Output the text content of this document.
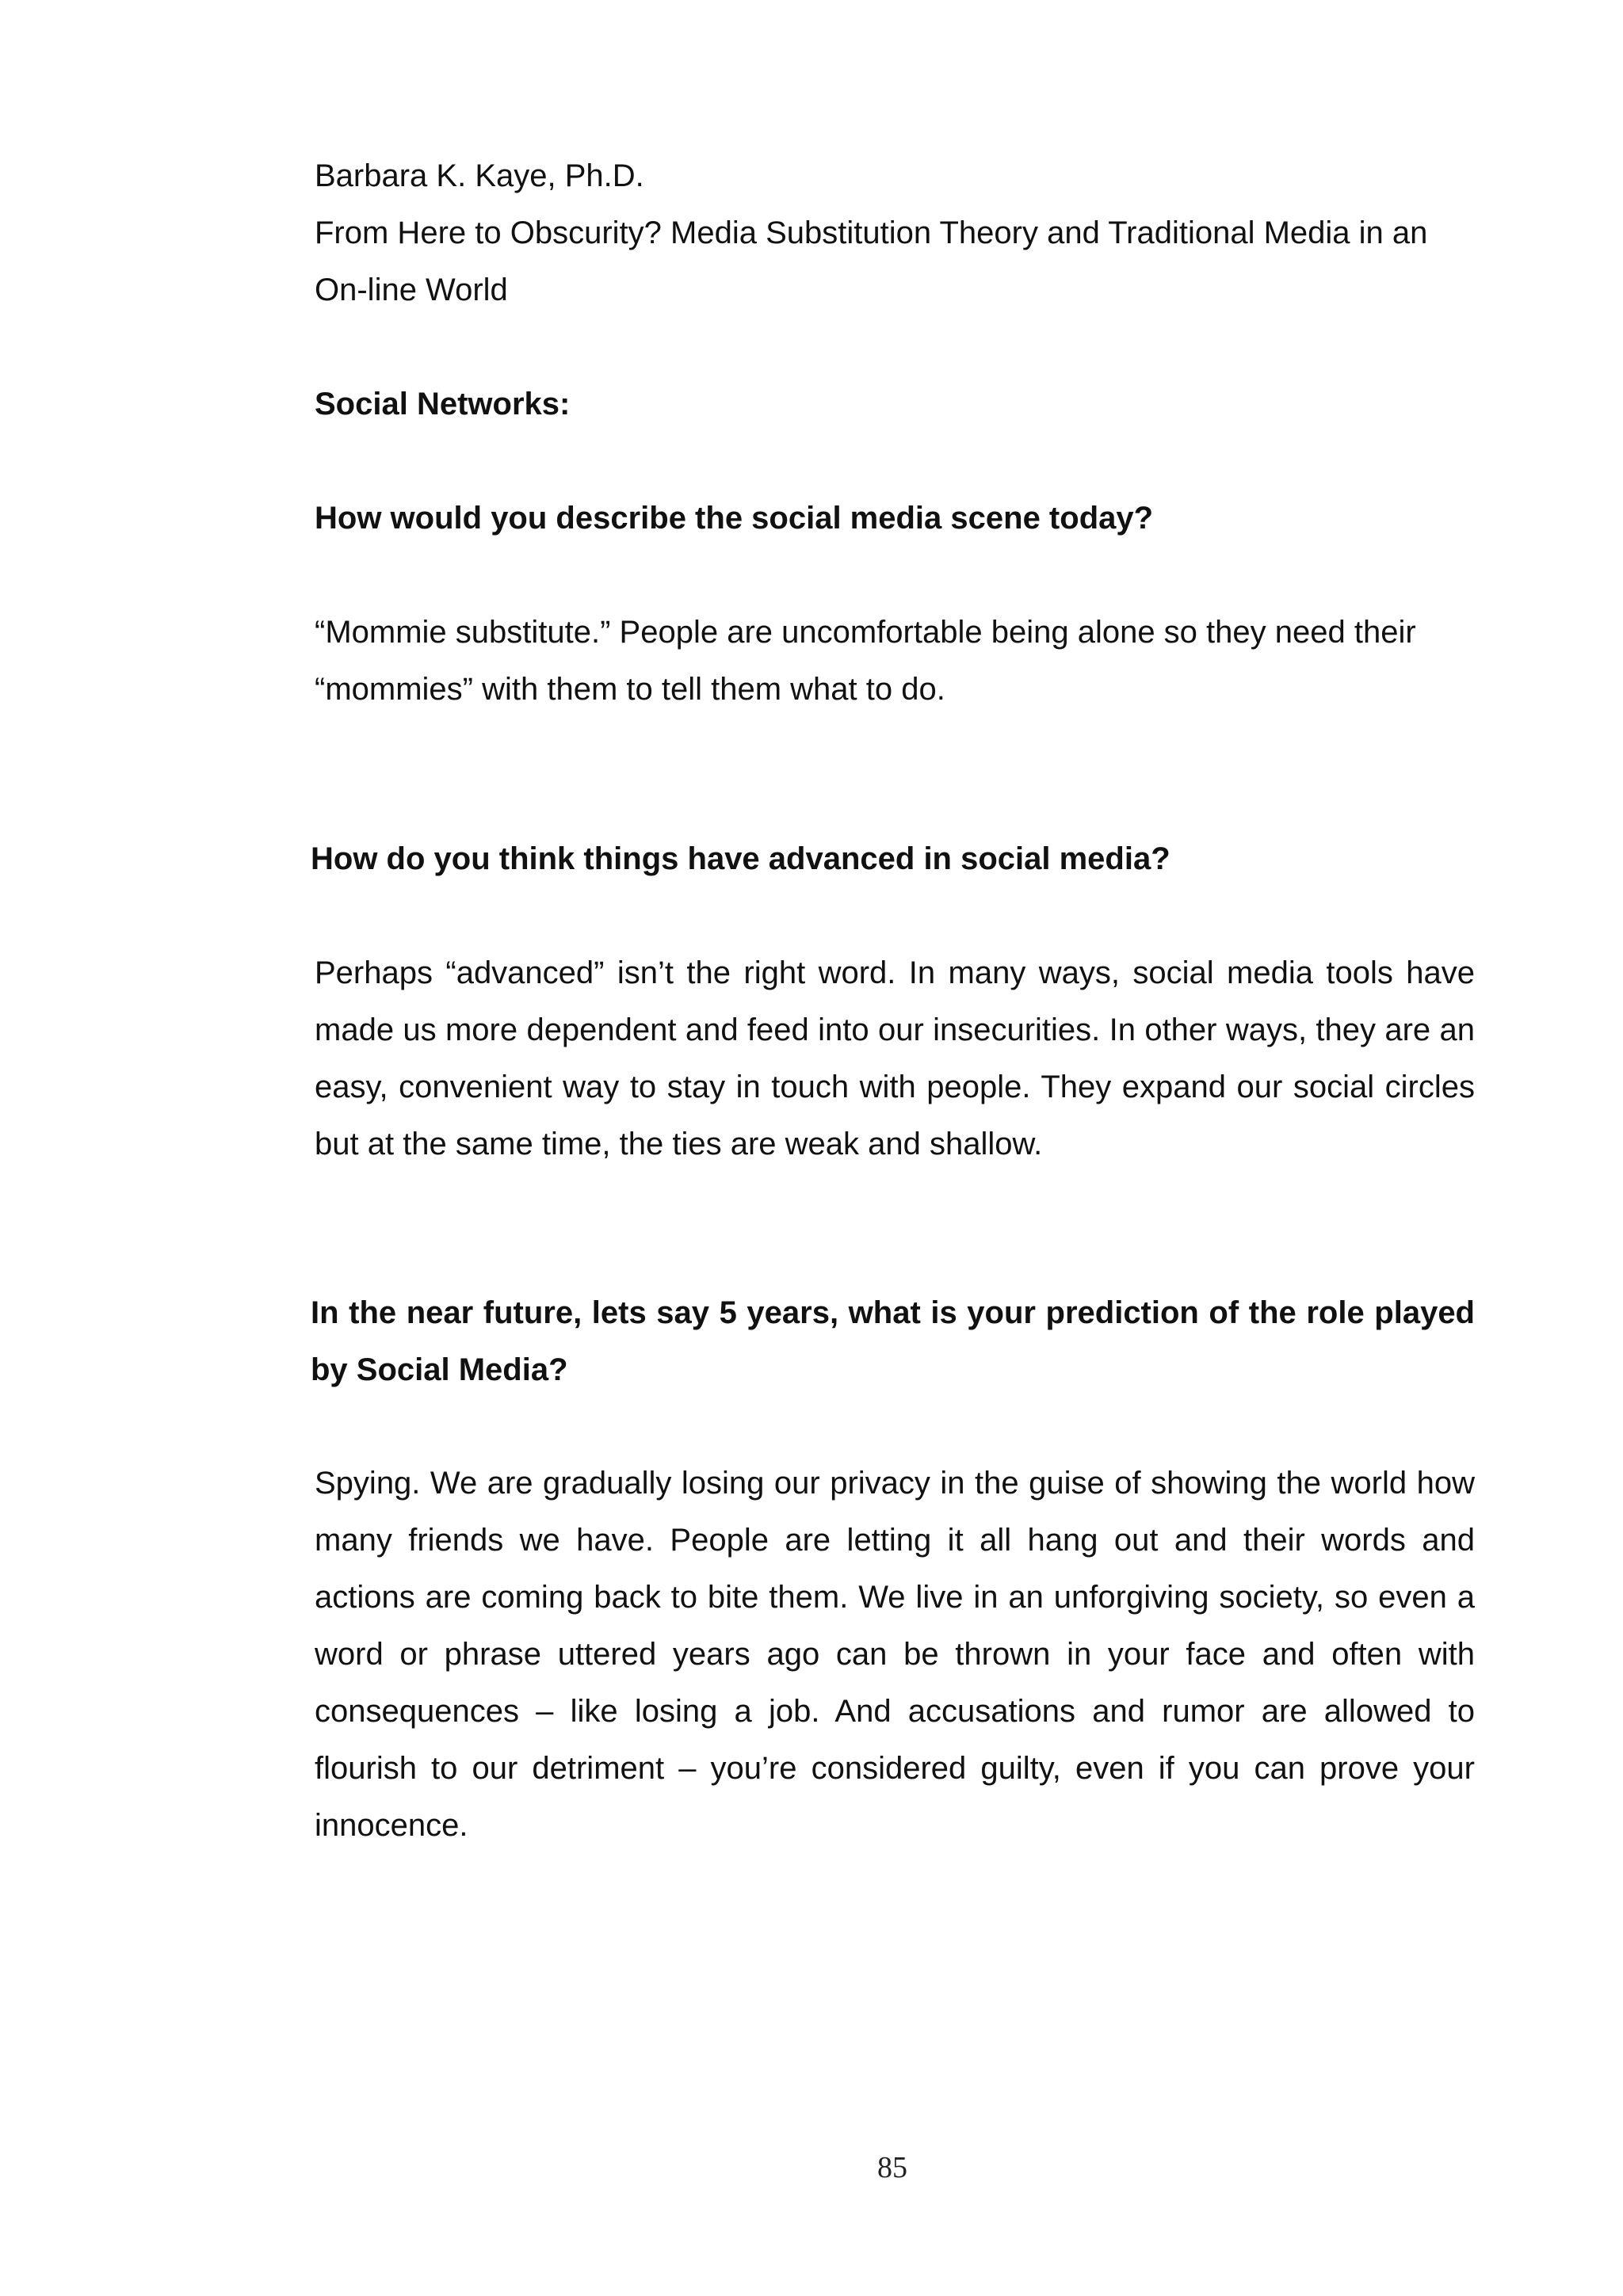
Barbara K. Kaye, Ph.D.

From Here to Obscurity? Media Substitution Theory and Traditional Media in an On-line World

Social Networks:

How would you describe the social media scene today?

“Mommie substitute.” People are uncomfortable being alone so they need their “mommies” with them to tell them what to do.

How do you think things have advanced in social media?

Perhaps “advanced” isn’t the right word. In many ways, social media tools have made us more dependent and feed into our insecurities. In other ways, they are an easy, convenient way to stay in touch with people. They expand our social circles but at the same time, the ties are weak and shallow.

In the near future, lets say 5 years, what is your prediction of the role played by Social Media?

Spying. We are gradually losing our privacy in the guise of showing the world how many friends we have. People are letting it all hang out and their words and actions are coming back to bite them. We live in an unforgiving society, so even a word or phrase uttered years ago can be thrown in your face and often with consequences – like losing a job. And accusations and rumor are allowed to flourish to our detriment – you’re considered guilty, even if you can prove your innocence.

85
